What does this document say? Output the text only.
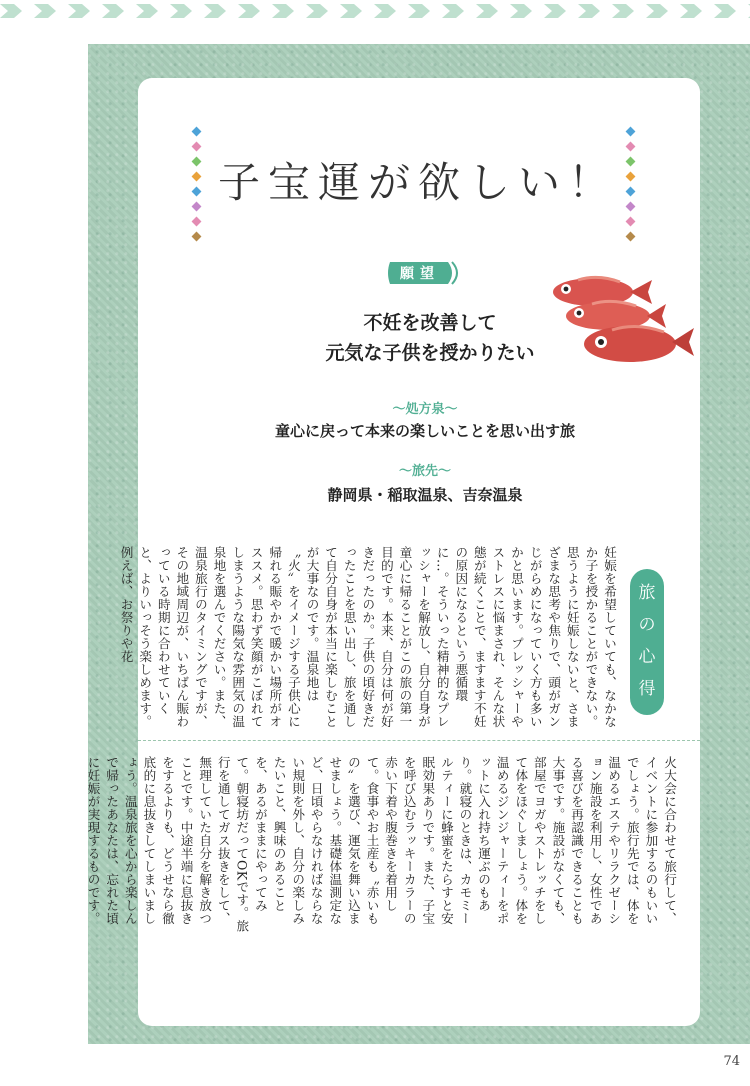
子宝運が欲しい！
願望
不妊を改善して
元気な子供を授かりたい
～処方泉～
童心に戻って本来の楽しいことを思い出す旅
～旅先～
静岡県・稲取温泉、吉奈温泉
妊娠を希望していても、なかなか子を授かることができない。思うように妊娠しないと、さまざまな思考や焦りで、頭がガンじがらめになっていく方も多いかと思います。プレッシャーやストレスに悩まされ、そんな状態が続くことで、ますます不妊の原因になるという悪循環に…。そういった精神的なプレッシャーを解放し、自分自身が童心に帰ることがこの旅の第一目的です。本来、自分は何が好きだったのか。子供の頃好きだったことを思い出し、旅を通して自分自身が本当に楽しむことが大事なのです。温泉地は〝火〟をイメージする子供心に帰れる賑やかで暖かい場所がオススメ。思わず笑顔がこぼれてしまうような陽気な雰囲気の温泉地を選んでください。また、温泉旅行のタイミングですが、その地域周辺が、いちばん賑わっている時期に合わせていくと、よりいっそう楽しめます。例えば、お祭りや花	旅
の
心
得
火大会に合わせて旅行して、イベントに参加するのもいいでしょう。旅行先では、体を温めるエステやリラクゼーション施設を利用し、女性である喜びを再認識できることも大事です。施設がなくても、部屋でヨガやストレッチをして体をほぐしましょう。体を温めるジンジャーティーをポットに入れ持ち運ぶのもあり。就寝のときは、カモミールティーに蜂蜜をたらすと安眠効果ありです。また、子宝を呼び込むラッキーカラーの赤い下着や腹巻きを着用して。食事やお土産も〝赤いもの〟を選び、運気を舞い込ませましょう。基礎体温測定など、日頃やらなければならない規則を外し、自分の楽しみたいこと、興味のあることを、あるがままにやってみて。朝寝坊だってOKです。旅行を通してガス抜きをして、無理していた自分を解き放つことです。中途半端に息抜きをするよりも、どうせなら徹底的に息抜きしてしまいましょう。温泉旅を心から楽しんで帰ったあなたは、忘れた頃に妊娠が実現するものです。
74
